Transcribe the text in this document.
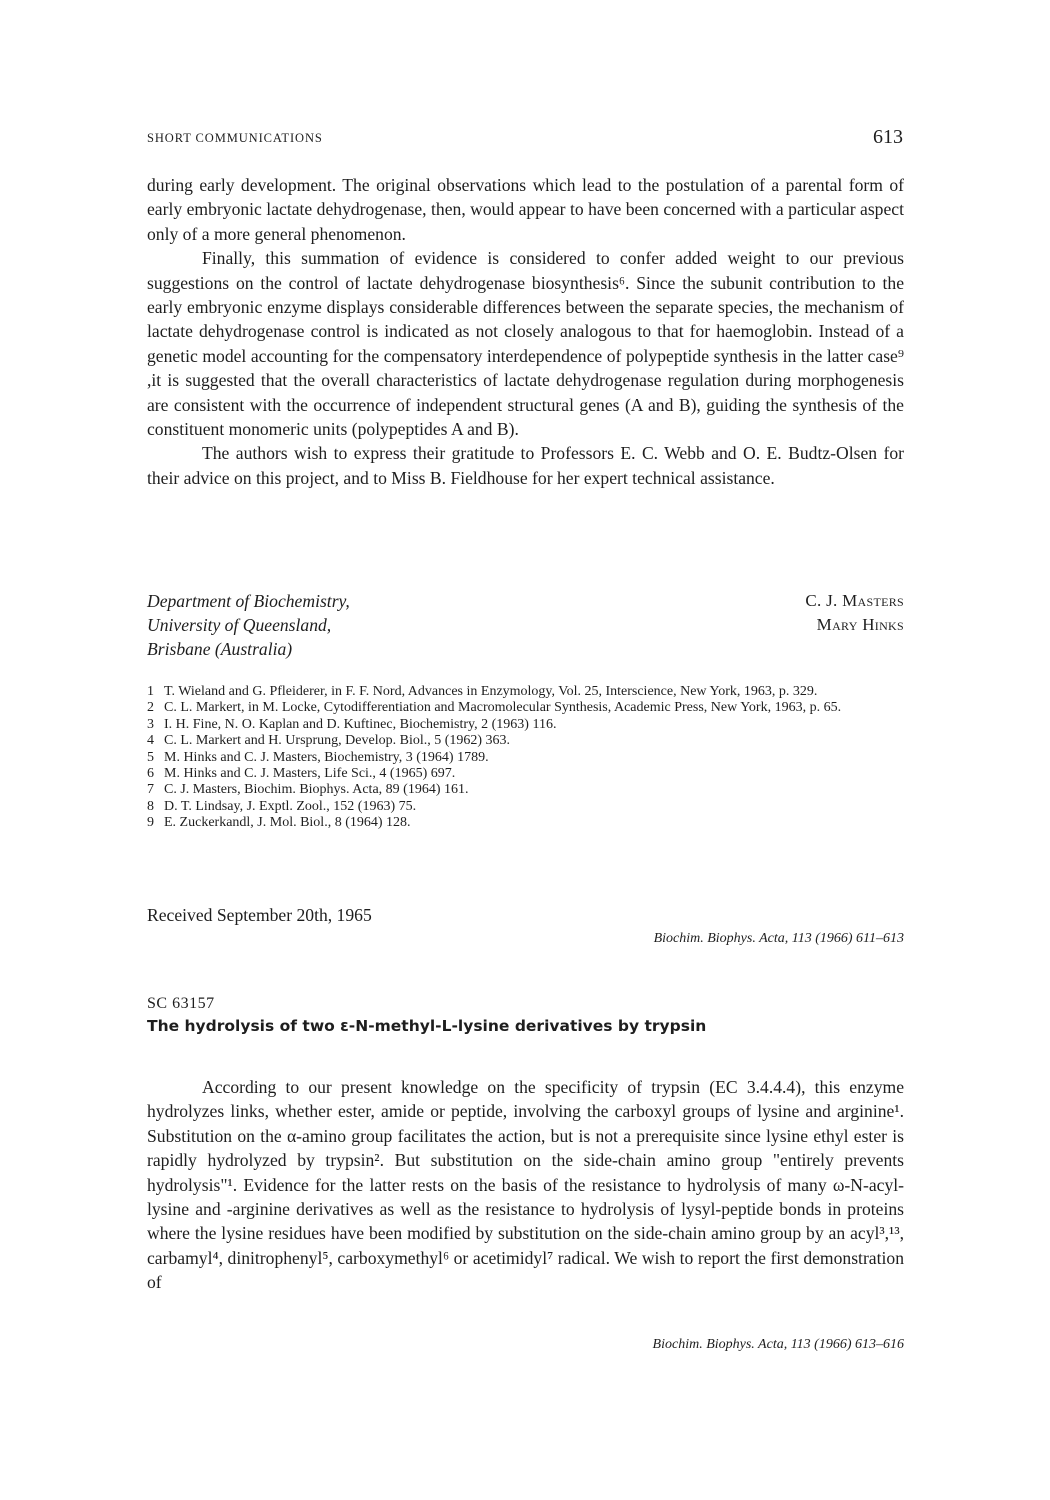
SHORT COMMUNICATIONS	613

during early development. The original observations which lead to the postulation of a parental form of early embryonic lactate dehydrogenase, then, would appear to have been concerned with a particular aspect only of a more general phenomenon.

Finally, this summation of evidence is considered to confer added weight to our previous suggestions on the control of lactate dehydrogenase biosynthesis⁶. Since the subunit contribution to the early embryonic enzyme displays considerable differences between the separate species, the mechanism of lactate dehydrogenase control is indicated as not closely analogous to that for haemoglobin. Instead of a genetic model accounting for the compensatory interdependence of polypeptide synthesis in the latter case⁹ ,it is suggested that the overall characteristics of lactate dehydrogenase regulation during morphogenesis are consistent with the occurrence of independent structural genes (A and B), guiding the synthesis of the constituent monomeric units (polypeptides A and B).

The authors wish to express their gratitude to Professors E. C. Webb and O. E. Budtz-Olsen for their advice on this project, and to Miss B. Fieldhouse for her expert technical assistance.

Department of Biochemistry,
University of Queensland,
Brisbane (Australia)
C. J. Masters
Mary Hinks
1 T. Wieland and G. Pfleiderer, in F. F. Nord, Advances in Enzymology, Vol. 25, Interscience, New York, 1963, p. 329.
2 C. L. Markert, in M. Locke, Cytodifferentiation and Macromolecular Synthesis, Academic Press, New York, 1963, p. 65.
3 I. H. Fine, N. O. Kaplan and D. Kuftinec, Biochemistry, 2 (1963) 116.
4 C. L. Markert and H. Ursprung, Develop. Biol., 5 (1962) 363.
5 M. Hinks and C. J. Masters, Biochemistry, 3 (1964) 1789.
6 M. Hinks and C. J. Masters, Life Sci., 4 (1965) 697.
7 C. J. Masters, Biochim. Biophys. Acta, 89 (1964) 161.
8 D. T. Lindsay, J. Exptl. Zool., 152 (1963) 75.
9 E. Zuckerkandl, J. Mol. Biol., 8 (1964) 128.
Received September 20th, 1965
Biochim. Biophys. Acta, 113 (1966) 611–613
SC 63157
The hydrolysis of two ε-N-methyl-L-lysine derivatives by trypsin

According to our present knowledge on the specificity of trypsin (EC 3.4.4.4), this enzyme hydrolyzes links, whether ester, amide or peptide, involving the carboxyl groups of lysine and arginine¹. Substitution on the α-amino group facilitates the action, but is not a prerequisite since lysine ethyl ester is rapidly hydrolyzed by trypsin². But substitution on the side-chain amino group "entirely prevents hydrolysis"¹. Evidence for the latter rests on the basis of the resistance to hydrolysis of many ω-N-acyl-lysine and -arginine derivatives as well as the resistance to hydrolysis of lysyl-peptide bonds in proteins where the lysine residues have been modified by substitution on the side-chain amino group by an acyl³,¹³, carbamyl⁴, dinitrophenyl⁵, carboxymethyl⁶ or acetimidyl⁷ radical. We wish to report the first demonstration of

Biochim. Biophys. Acta, 113 (1966) 613–616
